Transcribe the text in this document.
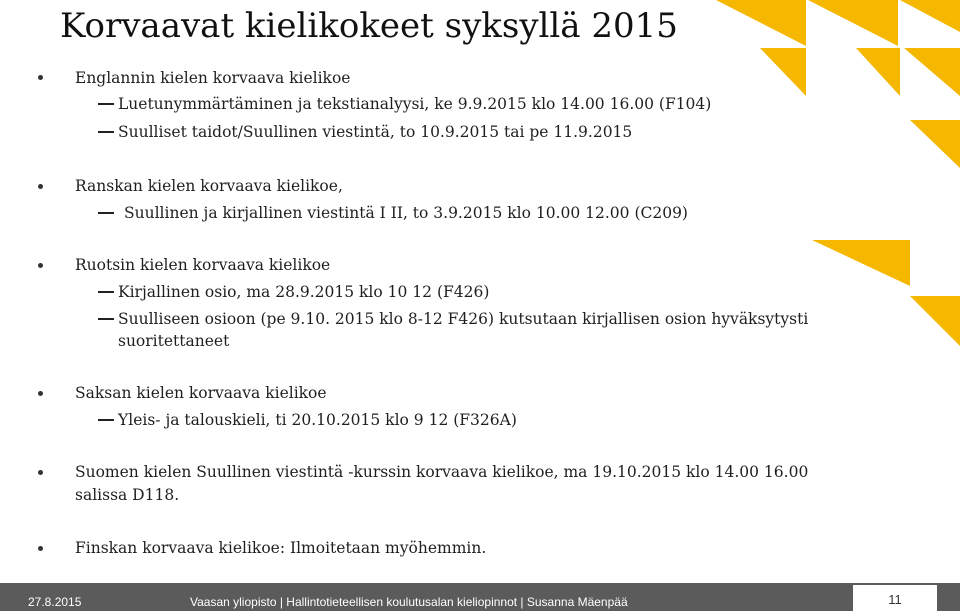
Korvaavat kielikokeet syksyllä 2015
Englannin kielen korvaava kielikoe
Luetunymmärtäminen ja tekstianalyysi, ke 9.9.2015 klo 14.00 16.00 (F104)
Suulliset taidot/Suullinen viestintä, to 10.9.2015 tai pe 11.9.2015
Ranskan kielen korvaava kielikoe,
Suullinen ja kirjallinen viestintä I II, to 3.9.2015 klo 10.00 12.00 (C209)
Ruotsin kielen korvaava kielikoe
Kirjallinen osio, ma 28.9.2015 klo 10 12 (F426)
Suulliseen osioon (pe 9.10. 2015 klo 8-12 F426) kutsutaan kirjallisen osion hyväksytysti
suoritettaneet
Saksan kielen korvaava kielikoe
Yleis- ja talouskieli, ti 20.10.2015 klo 9 12 (F326A)
Suomen kielen Suullinen viestintä -kurssin korvaava kielikoe, ma 19.10.2015 klo 14.00 16.00
salissa D118.
Finskan korvaava kielikoe: Ilmoitetaan myöhemmin.
27.8.2015	Vaasan yliopisto | Hallintotieteellisen koulutusalan kieliopinnot | Susanna Mäenpää	11
